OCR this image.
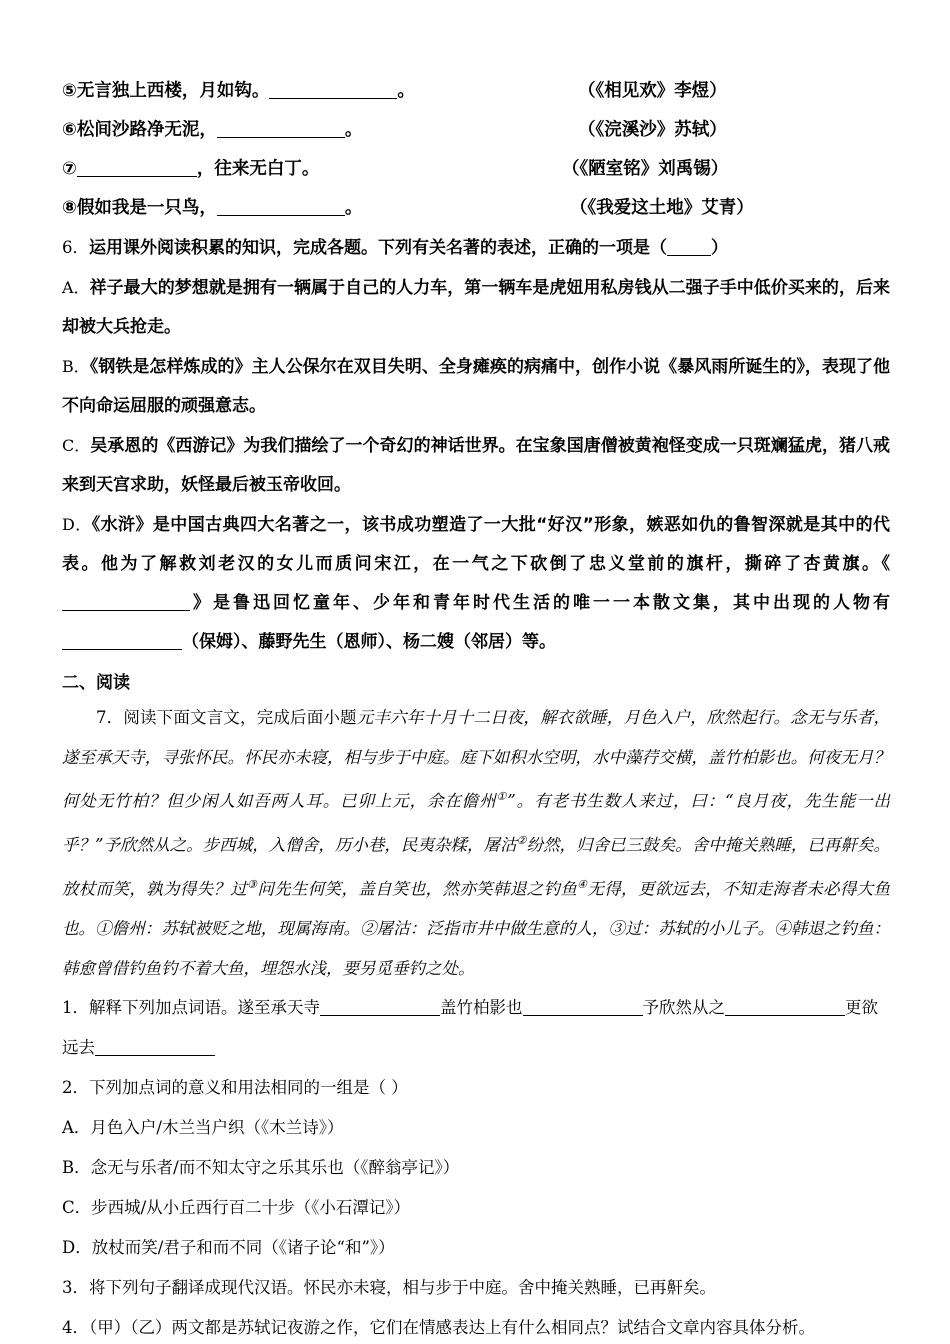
⑤无言独上西楼，月如钩。	。	（《相见欢》李煜）
⑥松间沙路净无泥，	。	（《浣溪沙》苏轼）
⑦	，往来无白丁。	（《陋室铭》刘禹锡）
⑧假如我是一只鸟，	。	（《我爱这土地》艾青）
6．运用课外阅读积累的知识，完成各题。下列有关名著的表述，正确的一项是（	）
A．祥子最大的梦想就是拥有一辆属于自己的人力车，第一辆车是虎妞用私房钱从二强子手中低价买来的，后来却被大兵抢走。
B．《钢铁是怎样炼成的》主人公保尔在双目失明、全身瘫痪的病痛中，创作小说《暴风雨所诞生的》，表现了他不向命运屈服的顽强意志。
C．吴承恩的《西游记》为我们描绘了一个奇幻的神话世界。在宝象国唐僧被黄袍怪变成一只斑斓猛虎，猪八戒来到天宫求助，妖怪最后被玉帝收回。
D．《水浒》是中国古典四大名著之一，该书成功塑造了一大批“好汉”形象，嫉恶如仇的鲁智深就是其中的代表。他为了解救刘老汉的女儿而质问宋江，在一气之下砍倒了忠义堂前的旗杆，撕碎了杏黄旗。《》是鲁迅回忆童年、少年和青年时代生活的唯一一本散文集，其中出现的人物有（保姆）、藤野先生（恩师）、杨二嫂（邻居）等。
二、阅读
7．阅读下面文言文，完成后面小题元丰六年十月十二日夜，解衣欲睡，月色入户，欣然起行。念无与乐者，遂至承天寺，寻张怀民。怀民亦未寝，相与步于中庭。庭下如积水空明，水中藻荇交横，盖竹柏影也。何夜无月？何处无竹柏？但少闲人如吾两人耳。已卯上元，余在儋州①”。有老书生数人来过，曰：“良月夜，先生能一出乎？”予欣然从之。步西城，入僧舍，历小巷，民夷杂糅，屠沽②纷然，归舍已三鼓矣。舍中掩关熟睡，已再鼾矣。放杖而笑，孰为得失？过③问先生何笑，盖自笑也，然亦笑韩退之钓鱼④无得，更欲远去，不知走海者未必得大鱼也。①儋州：苏轼被贬之地，现属海南。②屠沽：泛指市井中做生意的人，③过：苏轼的小儿子。④韩退之钓鱼：韩愈曾借钓鱼钓不着大鱼，埋怨水浅，要另觅垂钓之处。
1．解释下列加点词语。遂至承天寺	盖竹柏影也	予欣然从之	更欲远去
2．下列加点词的意义和用法相同的一组是（ ）
A．月色入户/木兰当户织（《木兰诗》）
B．念无与乐者/而不知太守之乐其乐也（《醉翁亭记》）
C．步西城/从小丘西行百二十步（《小石潭记》）
D．放杖而笑/君子和而不同（《诸子论“和”》）
3．将下列句子翻译成现代汉语。怀民亦未寝，相与步于中庭。舍中掩关熟睡，已再鼾矣。
4．（甲）（乙）两文都是苏轼记夜游之作，它们在情感表达上有什么相同点？试结合文章内容具体分析。
